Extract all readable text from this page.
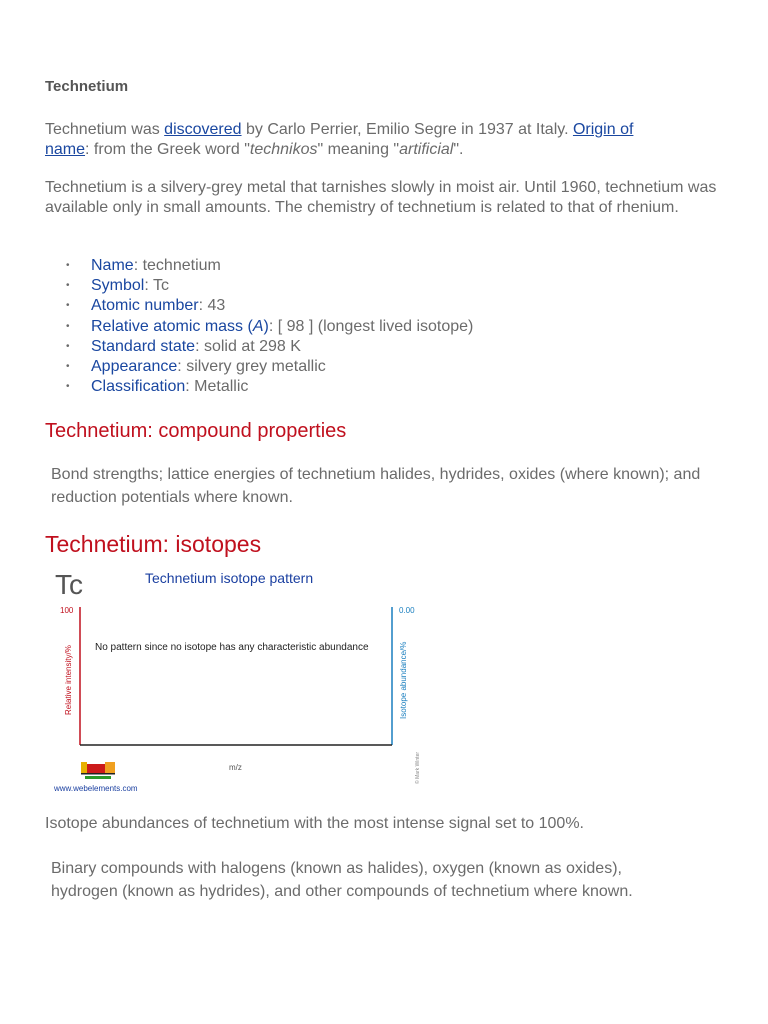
Technetium
Technetium was discovered by Carlo Perrier, Emilio Segre in 1937 at Italy. Origin of
name: from the Greek word "technikos" meaning "artificial".
Technetium is a silvery-grey metal that tarnishes slowly in moist air. Until 1960, technetium was available only in small amounts. The chemistry of technetium is related to that of rhenium.
• Name: technetium
• Symbol: Tc
• Atomic number: 43
• Relative atomic mass (A): [ 98 ] (longest lived isotope)
• Standard state: solid at 298 K
• Appearance: silvery grey metallic
• Classification: Metallic
Technetium: compound properties
Bond strengths; lattice energies of technetium halides, hydrides, oxides (where known); and reduction potentials where known.
Technetium: isotopes
Tc	Technetium isotope pattern
100	0.00
Relative intensity/%	Isotope abundance/%
No pattern since no isotope has any characteristic abundance
m/z	© Mark Winter
www.webelements.com
Isotope abundances of technetium with the most intense signal set to 100%.
Binary compounds with halogens (known as halides), oxygen (known as oxides), hydrogen (known as hydrides), and other compounds of technetium where known.
